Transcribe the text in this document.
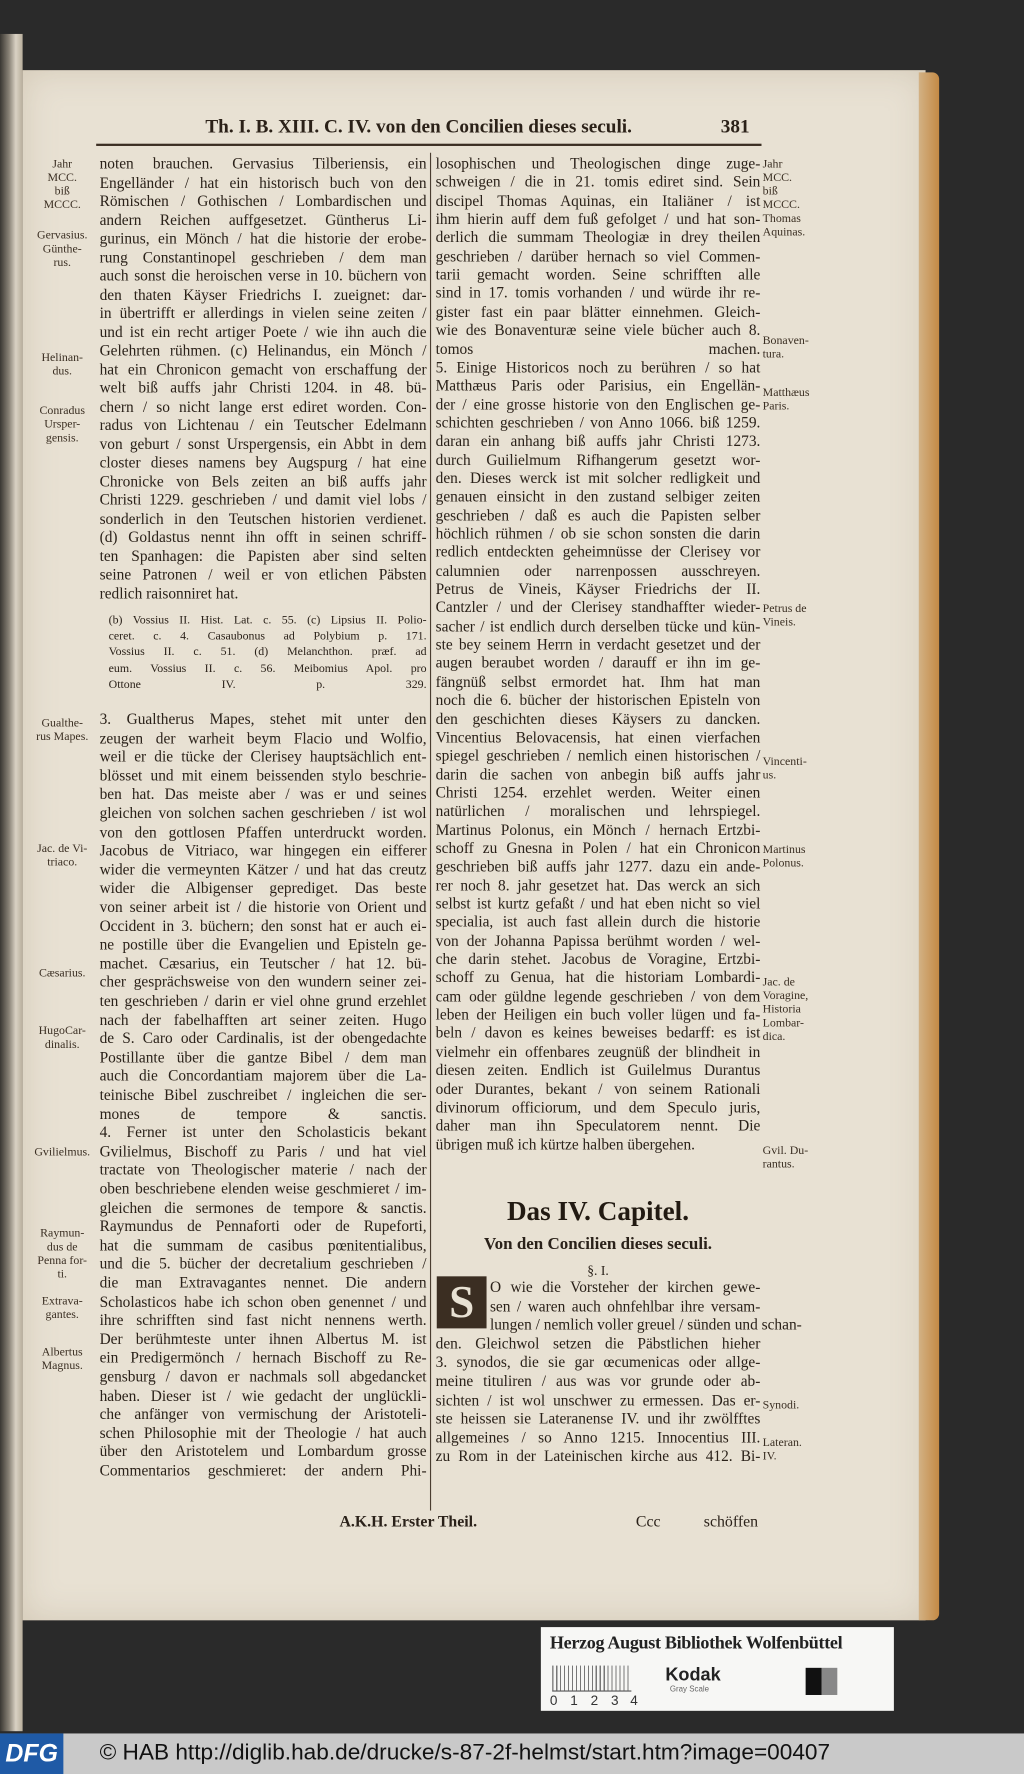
Th. I. B. XIII. C. IV. von den Concilien dieses seculi.	381
noten brauchen. Gervasius Tilberiensis, ein
Engelländer / hat ein historisch buch von den
Römischen / Gothischen / Lombardischen und
andern Reichen auffgesetzet. Güntherus Li-
gurinus, ein Mönch / hat die historie der erobe-
rung Constantinopel geschrieben / dem man
auch sonst die heroischen verse in 10. büchern von
den thaten Käyser Friedrichs I. zueignet: dar-
in übertrifft er allerdings in vielen seine zeiten /
und ist ein recht artiger Poete / wie ihn auch die
Gelehrten rühmen. (c) Helinandus, ein Mönch /
hat ein Chronicon gemacht von erschaffung der
welt biß auffs jahr Christi 1204. in 48. bü-
chern / so nicht lange erst ediret worden. Con-
radus von Lichtenau / ein Teutscher Edelmann
von geburt / sonst Urspergensis, ein Abbt in dem
closter dieses namens bey Augspurg / hat eine
Chronicke von Bels zeiten an biß auffs jahr
Christi 1229. geschrieben / und damit viel lobs /
sonderlich in den Teutschen historien verdienet.
(d) Goldastus nennt ihn offt in seinen schriff-
ten Spanhagen: die Papisten aber sind selten
seine Patronen / weil er von etlichen Päbsten
redlich raisonniret hat.
(b) Vossius II. Hist. Lat. c. 55. (c) Lipsius II. Polio-
ceret. c. 4. Casaubonus ad Polybium p. 171.
Vossius II. c. 51. (d) Melanchthon. præf. ad
eum. Vossius II. c. 56. Meibomius Apol. pro
Ottone IV. p. 329.
3. Gualtherus Mapes, stehet mit unter den
zeugen der warheit beym Flacio und Wolfio,
weil er die tücke der Clerisey hauptsächlich ent-
blösset und mit einem beissenden stylo beschrie-
ben hat. Das meiste aber / was er und seines
gleichen von solchen sachen geschrieben / ist wol
von den gottlosen Pfaffen unterdruckt worden.
Jacobus de Vitriaco, war hingegen ein eifferer
wider die vermeynten Kätzer / und hat das creutz
wider die Albigenser geprediget. Das beste
von seiner arbeit ist / die historie von Orient und
Occident in 3. büchern; den sonst hat er auch ei-
ne postille über die Evangelien und Episteln ge-
machet. Cæsarius, ein Teutscher / hat 12. bü-
cher gesprächsweise von den wundern seiner zei-
ten geschrieben / darin er viel ohne grund erzehlet
nach der fabelhafften art seiner zeiten. Hugo
de S. Caro oder Cardinalis, ist der obengedachte
Postillante über die gantze Bibel / dem man
auch die Concordantiam majorem über die La-
teinische Bibel zuschreibet / ingleichen die ser-
mones de tempore & sanctis.
4. Ferner ist unter den Scholasticis bekant
Gvilielmus, Bischoff zu Paris / und hat viel
tractate von Theologischer materie / nach der
oben beschriebene elenden weise geschmieret / im-
gleichen die sermones de tempore & sanctis.
Raymundus de Pennaforti oder de Rupeforti,
hat die summam de casibus pœnitentialibus,
und die 5. bücher der decretalium geschrieben /
die man Extravagantes nennet. Die andern
Scholasticos habe ich schon oben genennet / und
ihre schrifften sind fast nicht nennens werth.
Der berühmteste unter ihnen Albertus M. ist
ein Predigermönch / hernach Bischoff zu Re-
gensburg / davon er nachmals soll abgedancket
haben. Dieser ist / wie gedacht der unglückli-
che anfänger von vermischung der Aristoteli-
schen Philosophie mit der Theologie / hat auch
über den Aristotelem und Lombardum grosse
Commentarios geschmieret: der andern Phi-
losophischen und Theologischen dinge zuge-
schweigen / die in 21. tomis ediret sind. Sein
discipel Thomas Aquinas, ein Italiäner / ist
ihm hierin auff dem fuß gefolget / und hat son-
derlich die summam Theologiæ in drey theilen
geschrieben / darüber hernach so viel Commen-
tarii gemacht worden. Seine schrifften alle
sind in 17. tomis vorhanden / und würde ihr re-
gister fast ein paar blätter einnehmen. Gleich-
wie des Bonaventuræ seine viele bücher auch 8.
tomos machen.
5. Einige Historicos noch zu berühren / so hat
Matthæus Paris oder Parisius, ein Engellän-
der / eine grosse historie von den Englischen ge-
schichten geschrieben / von Anno 1066. biß 1259.
daran ein anhang biß auffs jahr Christi 1273.
durch Guilielmum Rifhangerum gesetzt wor-
den. Dieses werck ist mit solcher redligkeit und
genauen einsicht in den zustand selbiger zeiten
geschrieben / daß es auch die Papisten selber
höchlich rühmen / ob sie schon sonsten die darin
redlich entdeckten geheimnüsse der Clerisey vor
calumnien oder narrenpossen ausschreyen.
Petrus de Vineis, Käyser Friedrichs der II.
Cantzler / und der Clerisey standhaffter wieder-
sacher / ist endlich durch derselben tücke und kün-
ste bey seinem Herrn in verdacht gesetzet und der
augen beraubet worden / darauff er ihn im ge-
fängnüß selbst ermordet hat. Ihm hat man
noch die 6. bücher der historischen Episteln von
den geschichten dieses Käysers zu dancken.
Vincentius Belovacensis, hat einen vierfachen
spiegel geschrieben / nemlich einen historischen /
darin die sachen von anbegin biß auffs jahr
Christi 1254. erzehlet werden. Weiter einen
natürlichen / moralischen und lehrspiegel.
Martinus Polonus, ein Mönch / hernach Ertzbi-
schoff zu Gnesna in Polen / hat ein Chronicon
geschrieben biß auffs jahr 1277. dazu ein ande-
rer noch 8. jahr gesetzet hat. Das werck an sich
selbst ist kurtz gefaßt / und hat eben nicht so viel
specialia, ist auch fast allein durch die historie
von der Johanna Papissa berühmt worden / wel-
che darin stehet. Jacobus de Voragine, Ertzbi-
schoff zu Genua, hat die historiam Lombardi-
cam oder güldne legende geschrieben / von dem
leben der Heiligen ein buch voller lügen und fa-
beln / davon es keines beweises bedarff: es ist
vielmehr ein offenbares zeugnüß der blindheit in
diesen zeiten. Endlich ist Guilelmus Durantus
oder Durantes, bekant / von seinem Rationali
divinorum officiorum, und dem Speculo juris,
daher man ihn Speculatorem nennt. Die
übrigen muß ich kürtze halben übergehen.
O wie die Vorsteher der kirchen gewe-
sen / waren auch ohnfehlbar ihre versam-
lungen / nemlich voller greuel / sünden und schan-
den. Gleichwol setzen die Päbstlichen hieher
3. synodos, die sie gar œcumenicas oder allge-
meine tituliren / aus was vor grunde oder ab-
sichten / ist wol unschwer zu ermessen. Das er-
ste heissen sie Lateranense IV. und ihr zwölfftes
allgemeines / so Anno 1215. Innocentius III.
zu Rom in der Lateinischen kirche aus 412. Bi-
Jahr
MCC.
biß
MCCC.
Gervasius.
Günthe-
rus.
Helinan-
dus.
Conradus
Ursper-
gensis.
Gualthe-
rus Mapes.
Jac. de Vi-
triaco.
Cæsarius.
HugoCar-
dinalis.
Gvilielmus.
Raymun-
dus de
Penna for-
ti.
Extrava-
gantes.
Albertus
Magnus.
Jahr
MCC.
biß
MCCC.
Thomas
Aquinas.
Bonaven-
tura.
Matthæus
Paris.
Petrus de
Vineis.
Vincenti-
us.
Martinus
Polonus.
Jac. de
Voragine,
Historia
Lombar-
dica.
Gvil. Du-
rantus.
Synodi.
Lateran.
IV.
Das IV. Capitel.
Von den Concilien dieses seculi.
§. I.
S
A.K.H. Erster Theil.	Ccc	schöffen
Herzog August Bibliothek Wolfenbüttel
0 1 2 3 4
Kodak
Gray Scale
DFG © HAB http://diglib.hab.de/drucke/s-87-2f-helmst/start.htm?image=00407
